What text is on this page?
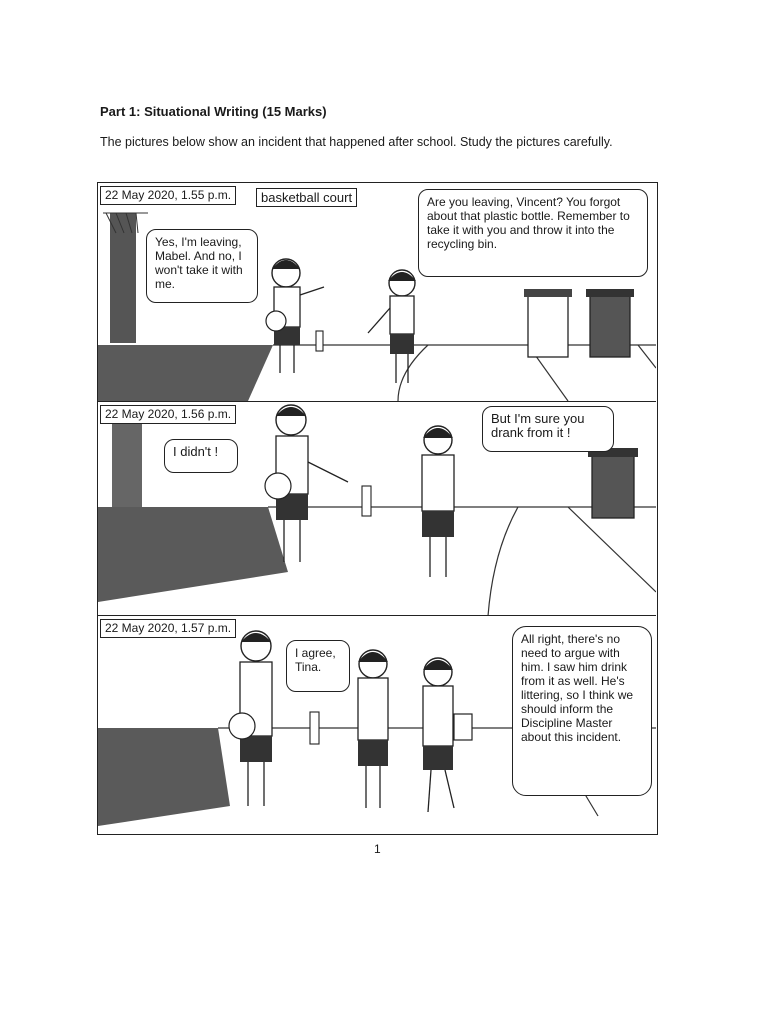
Part 1: Situational Writing (15 Marks)
The pictures below show an incident that happened after school. Study the pictures carefully.
22 May 2020, 1.55 p.m.	basketball court
Yes, I'm leaving, Mabel. And no, I won't take it with me.
Are you leaving, Vincent? You forgot about that plastic bottle. Remember to take it with you and throw it into the recycling bin.
22 May 2020, 1.56 p.m.
I didn't !
But I'm sure you drank from it !
22 May 2020, 1.57 p.m.
I agree, Tina.
All right, there's no need to argue with him. I saw him drink from it as well. He's littering, so I think we should inform the Discipline Master about this incident.
1
